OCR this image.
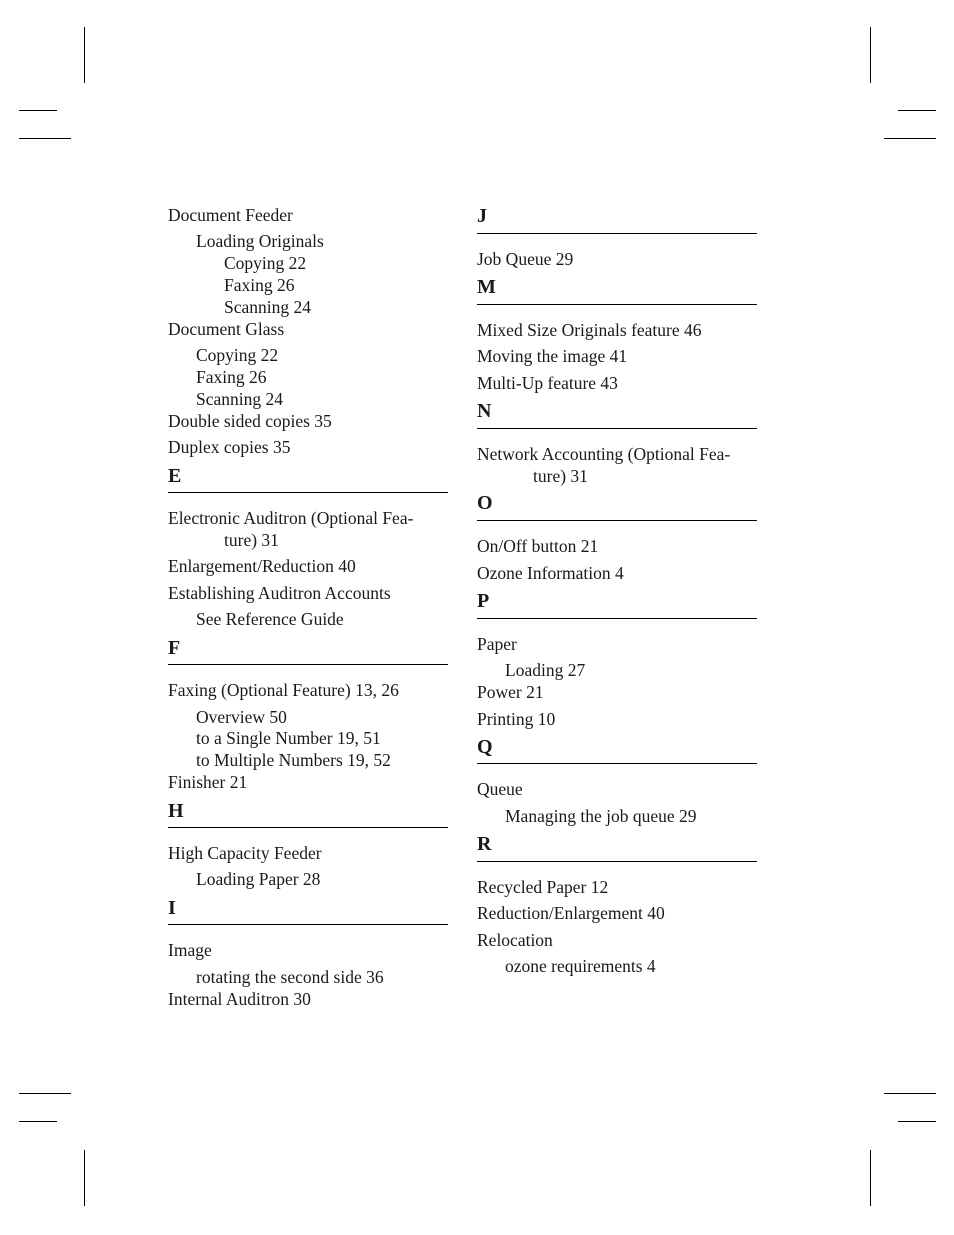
Document Feeder
Loading Originals
Copying 22
Faxing 26
Scanning 24
Document Glass
Copying 22
Faxing 26
Scanning 24
Double sided copies 35
Duplex copies 35
E
Electronic Auditron (Optional Fea-
ture) 31
Enlargement/Reduction 40
Establishing Auditron Accounts
See Reference Guide
F
Faxing (Optional Feature) 13, 26
Overview 50
to a Single Number 19, 51
to Multiple Numbers 19, 52
Finisher 21
H
High Capacity Feeder
Loading Paper 28
I
Image
rotating the second side 36
Internal Auditron 30
J
Job Queue 29
M
Mixed Size Originals feature 46
Moving the image 41
Multi-Up feature 43
N
Network Accounting (Optional Fea-
ture) 31
O
On/Off button 21
Ozone Information 4
P
Paper
Loading 27
Power 21
Printing 10
Q
Queue
Managing the job queue 29
R
Recycled Paper 12
Reduction/Enlargement 40
Relocation
ozone requirements 4
